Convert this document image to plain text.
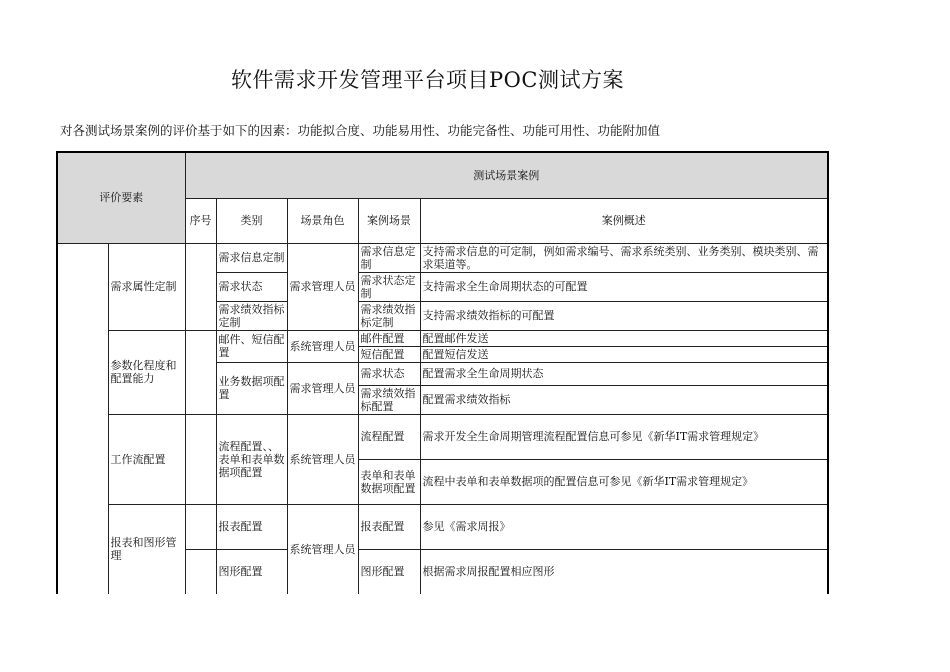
软件需求开发管理平台项目POC测试方案
对各测试场景案例的评价基于如下的因素：功能拟合度、功能易用性、功能完备性、功能可用性、功能附加值
评价要素		测试场景案例				
		序号	类别	场景角色	案例场景	案例概述
	需求属性定制		需求信息定制	需求管理人员	需求信息定制	支持需求信息的可定制，例如需求编号、需求系统类别、业务类别、模块类别、需求渠道等。
			需求状态		需求状态定制	支持需求全生命周期状态的可配置
			需求绩效指标定制		需求绩效指标定制	支持需求绩效指标的可配置
	参数化程度和配置能力		邮件、短信配置	系统管理人员	邮件配置	配置邮件发送
					短信配置	配置短信发送
			业务数据项配置	需求管理人员	需求状态	配置需求全生命周期状态
					需求绩效指标配置	配置需求绩效指标
	工作流配置		流程配置、、表单和表单数据项配置	系统管理人员	流程配置	需求开发全生命周期管理流程配置信息可参见《新华IT需求管理规定》
					表单和表单数据项配置	流程中表单和表单数据项的配置信息可参见《新华IT需求管理规定》
	报表和图形管理		报表配置	系统管理人员	报表配置	参见《需求周报》
			图形配置		图形配置	根据需求周报配置相应图形
